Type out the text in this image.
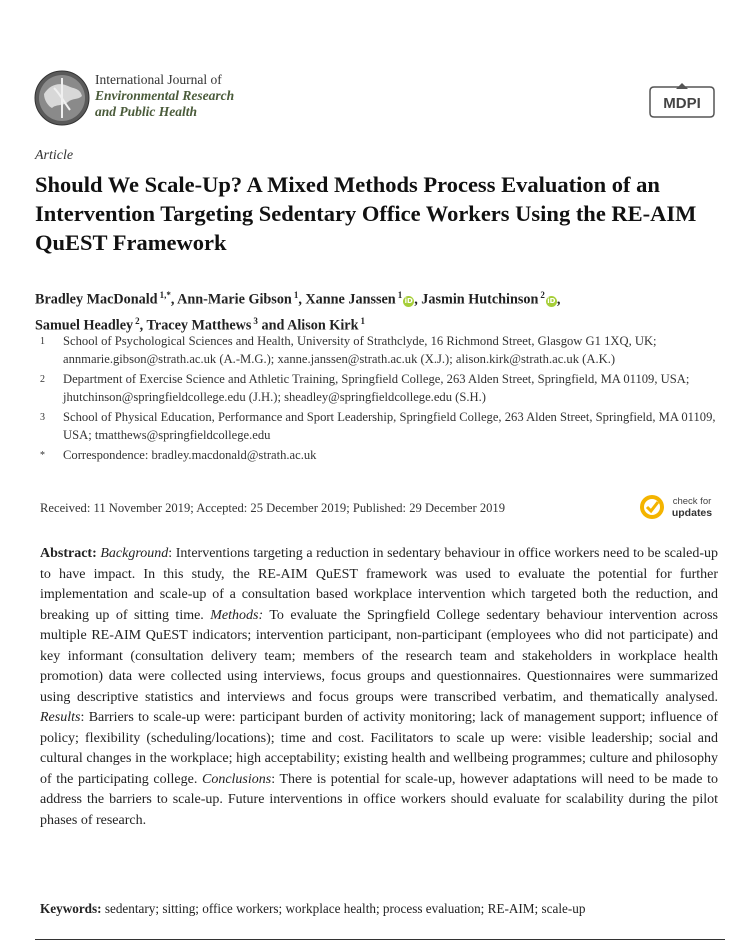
International Journal of
Environmental Research
and Public Health	MDPI
Article
Should We Scale-Up? A Mixed Methods Process Evaluation of an Intervention Targeting Sedentary Office Workers Using the RE-AIM QuEST Framework
Bradley MacDonald $^{1,*}$, Ann-Marie Gibson $^1$, Xanne Janssen $^1$iD, Jasmin Hutchinson $^2$iD,
Samuel Headley $^2$, Tracey Matthews $^3$ and Alison Kirk $^1$
1	School of Psychological Sciences and Health, University of Strathclyde, 16 Richmond Street, Glasgow G1 1XQ, UK; annmarie.gibson@strath.ac.uk (A.-M.G.); xanne.janssen@strath.ac.uk (X.J.); alison.kirk@strath.ac.uk (A.K.)
2	Department of Exercise Science and Athletic Training, Springfield College, 263 Alden Street, Springfield, MA 01109, USA; jhutchinson@springfieldcollege.edu (J.H.); sheadley@springfieldcollege.edu (S.H.)
3	School of Physical Education, Performance and Sport Leadership, Springfield College, 263 Alden Street, Springfield, MA 01109, USA; tmatthews@springfieldcollege.edu
*	Correspondence: bradley.macdonald@strath.ac.uk
Received: 11 November 2019; Accepted: 25 December 2019; Published: 29 December 2019	check for
updates

Abstract: Background: Interventions targeting a reduction in sedentary behaviour in office workers need to be scaled-up to have impact. In this study, the RE-AIM QuEST framework was used to evaluate the potential for further implementation and scale-up of a consultation based workplace intervention which targeted both the reduction, and breaking up of sitting time. Methods: To evaluate the Springfield College sedentary behaviour intervention across multiple RE-AIM QuEST indicators; intervention participant, non-participant (employees who did not participate) and key informant (consultation delivery team; members of the research team and stakeholders in workplace health promotion) data were collected using interviews, focus groups and questionnaires. Questionnaires were summarized using descriptive statistics and interviews and focus groups were transcribed verbatim, and thematically analysed. Results: Barriers to scale-up were: participant burden of activity monitoring; lack of management support; influence of policy; flexibility (scheduling/locations); time and cost. Facilitators to scale up were: visible leadership; social and cultural changes in the workplace; high acceptability; existing health and wellbeing programmes; culture and philosophy of the participating college. Conclusions: There is potential for scale-up, however adaptations will need to be made to address the barriers to scale-up. Future interventions in office workers should evaluate for scalability during the pilot phases of research.

Keywords: sedentary; sitting; office workers; workplace health; process evaluation; RE-AIM; scale-up
